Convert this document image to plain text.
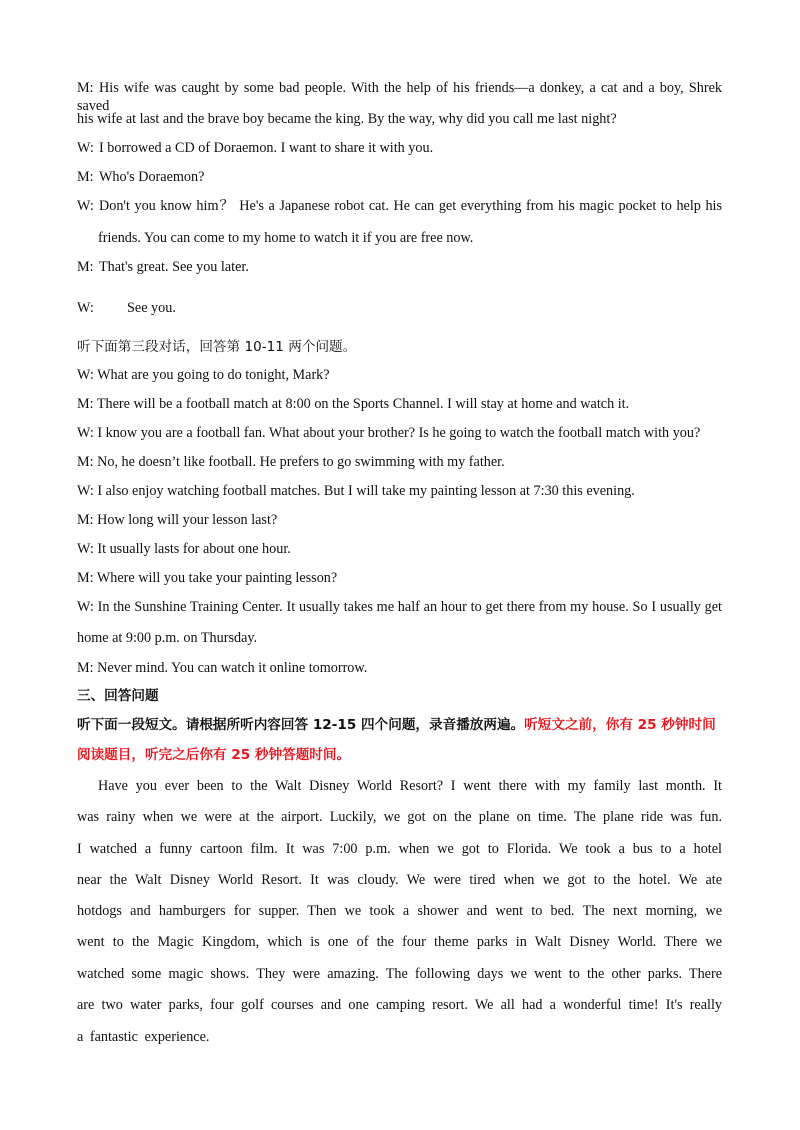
M: His wife was caught by some bad people. With the help of his friends—a donkey, a cat and a boy, Shrek saved
his wife at last and the brave boy became the king. By the way, why did you call me last night?
W: I borrowed a CD of Doraemon. I want to share it with you.
M: Who's Doraemon?
W: Don't you know him？ He's a Japanese robot cat. He can get everything from his magic pocket to help his
friends. You can come to my home to watch it if you are free now.
M: That's great. See you later.
W: See you.
听下面第三段对话，回答第 10-11 两个问题。
W: What are you going to do tonight, Mark?
M: There will be a football match at 8:00 on the Sports Channel. I will stay at home and watch it.
W: I know you are a football fan. What about your brother? Is he going to watch the football match with you?
M: No, he doesn’t like football. He prefers to go swimming with my father.
W: I also enjoy watching football matches. But I will take my painting lesson at 7:30 this evening.
M: How long will your lesson last?
W: It usually lasts for about one hour.
M: Where will you take your painting lesson?
W: In the Sunshine Training Center. It usually takes me half an hour to get there from my house. So I usually get
home at 9:00 p.m. on Thursday.
M: Never mind. You can watch it online tomorrow.
三、回答问题
听下面一段短文。请根据所听内容回答 12-15 四个问题，录音播放两遍。听短文之前，你有 25 秒钟时间
阅读题目，听完之后你有 25 秒钟答题时间。
Have you ever been to the Walt Disney World Resort? I went there with my family last month. It
was rainy when we were at the airport. Luckily, we got on the plane on time. The plane ride was fun.
I watched a funny cartoon film. It was 7:00 p.m. when we got to Florida. We took a bus to a hotel
near the Walt Disney World Resort. It was cloudy. We were tired when we got to the hotel. We ate
hotdogs and hamburgers for supper. Then we took a shower and went to bed. The next morning, we
went to the Magic Kingdom, which is one of the four theme parks in Walt Disney World. There we
watched some magic shows. They were amazing. The following days we went to the other parks. There
are two water parks, four golf courses and one camping resort. We all had a wonderful time! It's really
a fantastic experience.
